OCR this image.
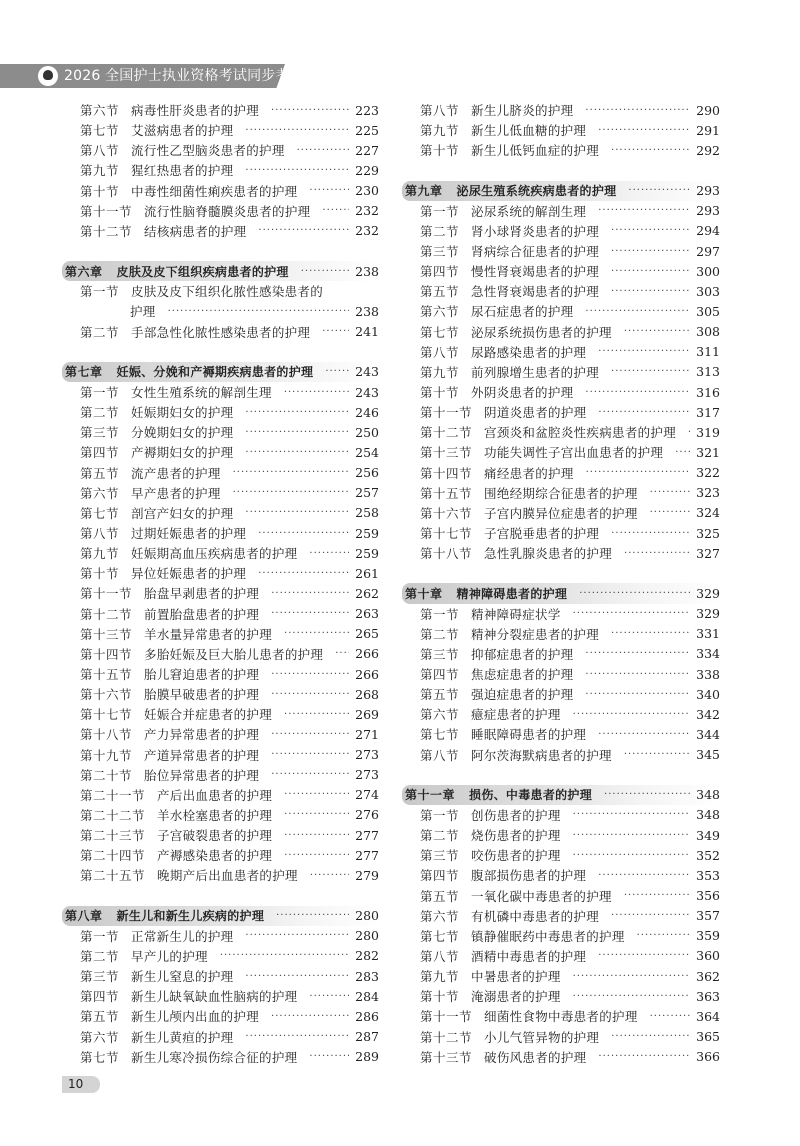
2026 全国护士执业资格考试同步考题
第六节 病毒性肝炎患者的护理 ·····	223
第七节 艾滋病患者的护理 ·····	225
第八节 流行性乙型脑炎患者的护理 ·····	227
第九节 猩红热患者的护理 ·····	229
第十节 中毒性细菌性痢疾患者的护理 ·····	230
第十一节 流行性脑脊髓膜炎患者的护理 ·····	232
第十二节 结核病患者的护理 ·····	232
第六章 皮肤及皮下组织疾病患者的护理 ·····	238
第一节 皮肤及皮下组织化脓性感染患者的
护理 ·····	238
第二节 手部急性化脓性感染患者的护理 ·····	241
第七章 妊娠、分娩和产褥期疾病患者的护理 ·····	243
第一节 女性生殖系统的解剖生理 ·····	243
第二节 妊娠期妇女的护理 ·····	246
第三节 分娩期妇女的护理 ·····	250
第四节 产褥期妇女的护理 ·····	254
第五节 流产患者的护理 ·····	256
第六节 早产患者的护理 ·····	257
第七节 剖宫产妇女的护理 ·····	258
第八节 过期妊娠患者的护理 ·····	259
第九节 妊娠期高血压疾病患者的护理 ·····	259
第十节 异位妊娠患者的护理 ·····	261
第十一节 胎盘早剥患者的护理 ·····	262
第十二节 前置胎盘患者的护理 ·····	263
第十三节 羊水量异常患者的护理 ·····	265
第十四节 多胎妊娠及巨大胎儿患者的护理 ·····	266
第十五节 胎儿窘迫患者的护理 ·····	266
第十六节 胎膜早破患者的护理 ·····	268
第十七节 妊娠合并症患者的护理 ·····	269
第十八节 产力异常患者的护理 ·····	271
第十九节 产道异常患者的护理 ·····	273
第二十节 胎位异常患者的护理 ·····	273
第二十一节 产后出血患者的护理 ·····	274
第二十二节 羊水栓塞患者的护理 ·····	276
第二十三节 子宫破裂患者的护理 ·····	277
第二十四节 产褥感染患者的护理 ·····	277
第二十五节 晚期产后出血患者的护理 ·····	279
第八章 新生儿和新生儿疾病的护理 ·····	280
第一节 正常新生儿的护理 ·····	280
第二节 早产儿的护理 ·····	282
第三节 新生儿窒息的护理 ·····	283
第四节 新生儿缺氧缺血性脑病的护理 ·····	284
第五节 新生儿颅内出血的护理 ·····	286
第六节 新生儿黄疸的护理 ·····	287
第七节 新生儿寒冷损伤综合征的护理 ·····	289
第八节 新生儿脐炎的护理 ·····	290
第九节 新生儿低血糖的护理 ·····	291
第十节 新生儿低钙血症的护理 ·····	292
第九章 泌尿生殖系统疾病患者的护理 ·····	293
第一节 泌尿系统的解剖生理 ·····	293
第二节 肾小球肾炎患者的护理 ·····	294
第三节 肾病综合征患者的护理 ·····	297
第四节 慢性肾衰竭患者的护理 ·····	300
第五节 急性肾衰竭患者的护理 ·····	303
第六节 尿石症患者的护理 ·····	305
第七节 泌尿系统损伤患者的护理 ·····	308
第八节 尿路感染患者的护理 ·····	311
第九节 前列腺增生患者的护理 ·····	313
第十节 外阴炎患者的护理 ·····	316
第十一节 阴道炎患者的护理 ·····	317
第十二节 宫颈炎和盆腔炎性疾病患者的护理 ····· 319
第十三节 功能失调性子宫出血患者的护理 ·····	321
第十四节 痛经患者的护理 ·····	322
第十五节 围绝经期综合征患者的护理 ·····	323
第十六节 子宫内膜异位症患者的护理 ·····	324
第十七节 子宫脱垂患者的护理 ·····	325
第十八节 急性乳腺炎患者的护理 ·····	327
第十章 精神障碍患者的护理 ·····	329
第一节 精神障碍症状学 ·····	329
第二节 精神分裂症患者的护理 ·····	331
第三节 抑郁症患者的护理 ·····	334
第四节 焦虑症患者的护理 ·····	338
第五节 强迫症患者的护理 ·····	340
第六节 癔症患者的护理 ·····	342
第七节 睡眠障碍患者的护理 ·····	344
第八节 阿尔茨海默病患者的护理 ·····	345
第十一章 损伤、中毒患者的护理 ·····	348
第一节 创伤患者的护理 ·····	348
第二节 烧伤患者的护理 ·····	349
第三节 咬伤患者的护理 ·····	352
第四节 腹部损伤患者的护理 ·····	353
第五节 一氧化碳中毒患者的护理 ·····	356
第六节 有机磷中毒患者的护理 ·····	357
第七节 镇静催眠药中毒患者的护理 ·····	359
第八节 酒精中毒患者的护理 ·····	360
第九节 中暑患者的护理 ·····	362
第十节 淹溺患者的护理 ·····	363
第十一节 细菌性食物中毒患者的护理 ·····	364
第十二节 小儿气管异物的护理 ·····	365
第十三节 破伤风患者的护理 ·····	366
10
